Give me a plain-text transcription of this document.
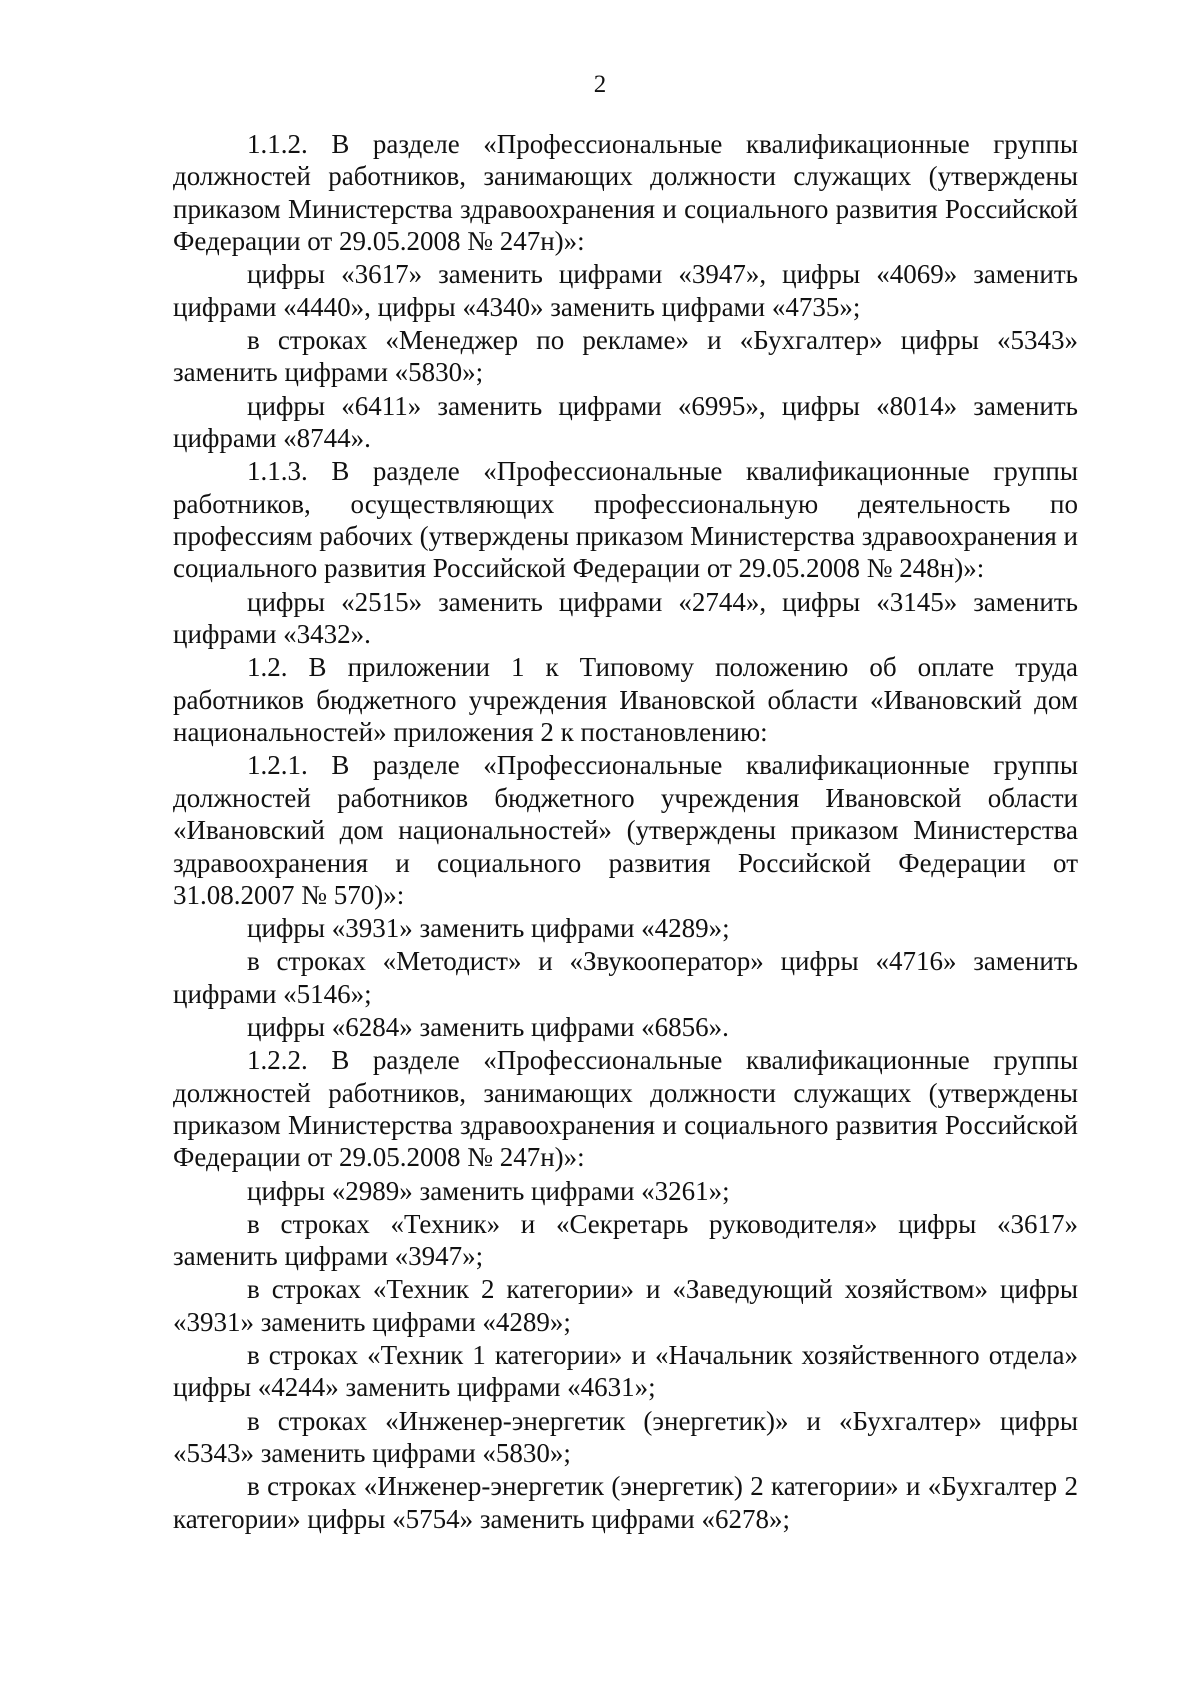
2

1.1.2. В разделе «Профессиональные квалификационные группы должностей работников, занимающих должности служащих (утверждены приказом Министерства здравоохранения и социального развития Российской Федерации от 29.05.2008 № 247н)»:

цифры «3617» заменить цифрами «3947», цифры «4069» заменить цифрами «4440», цифры «4340» заменить цифрами «4735»;

в строках «Менеджер по рекламе» и «Бухгалтер» цифры «5343» заменить цифрами «5830»;

цифры «6411» заменить цифрами «6995», цифры «8014» заменить цифрами «8744».

1.1.3. В разделе «Профессиональные квалификационные группы работников, осуществляющих профессиональную деятельность по профессиям рабочих (утверждены приказом Министерства здравоохранения и социального развития Российской Федерации от 29.05.2008 № 248н)»:

цифры «2515» заменить цифрами «2744», цифры «3145» заменить цифрами «3432».

1.2. В приложении 1 к Типовому положению об оплате труда работников бюджетного учреждения Ивановской области «Ивановский дом национальностей» приложения 2 к постановлению:

1.2.1. В разделе «Профессиональные квалификационные группы должностей работников бюджетного учреждения Ивановской области «Ивановский дом национальностей» (утверждены приказом Министерства здравоохранения и социального развития Российской Федерации от 31.08.2007 № 570)»:

цифры «3931» заменить цифрами «4289»;

в строках «Методист» и «Звукооператор» цифры «4716» заменить цифрами «5146»;

цифры «6284» заменить цифрами «6856».

1.2.2. В разделе «Профессиональные квалификационные группы должностей работников, занимающих должности служащих (утверждены приказом Министерства здравоохранения и социального развития Российской Федерации от 29.05.2008 № 247н)»:

цифры «2989» заменить цифрами «3261»;

в строках «Техник» и «Секретарь руководителя» цифры «3617» заменить цифрами «3947»;

в строках «Техник 2 категории» и «Заведующий хозяйством» цифры «3931» заменить цифрами «4289»;

в строках «Техник 1 категории» и «Начальник хозяйственного отдела» цифры «4244» заменить цифрами «4631»;

в строках «Инженер-энергетик (энергетик)» и «Бухгалтер» цифры «5343» заменить цифрами «5830»;

в строках «Инженер-энергетик (энергетик) 2 категории» и «Бухгалтер 2 категории» цифры «5754» заменить цифрами «6278»;
